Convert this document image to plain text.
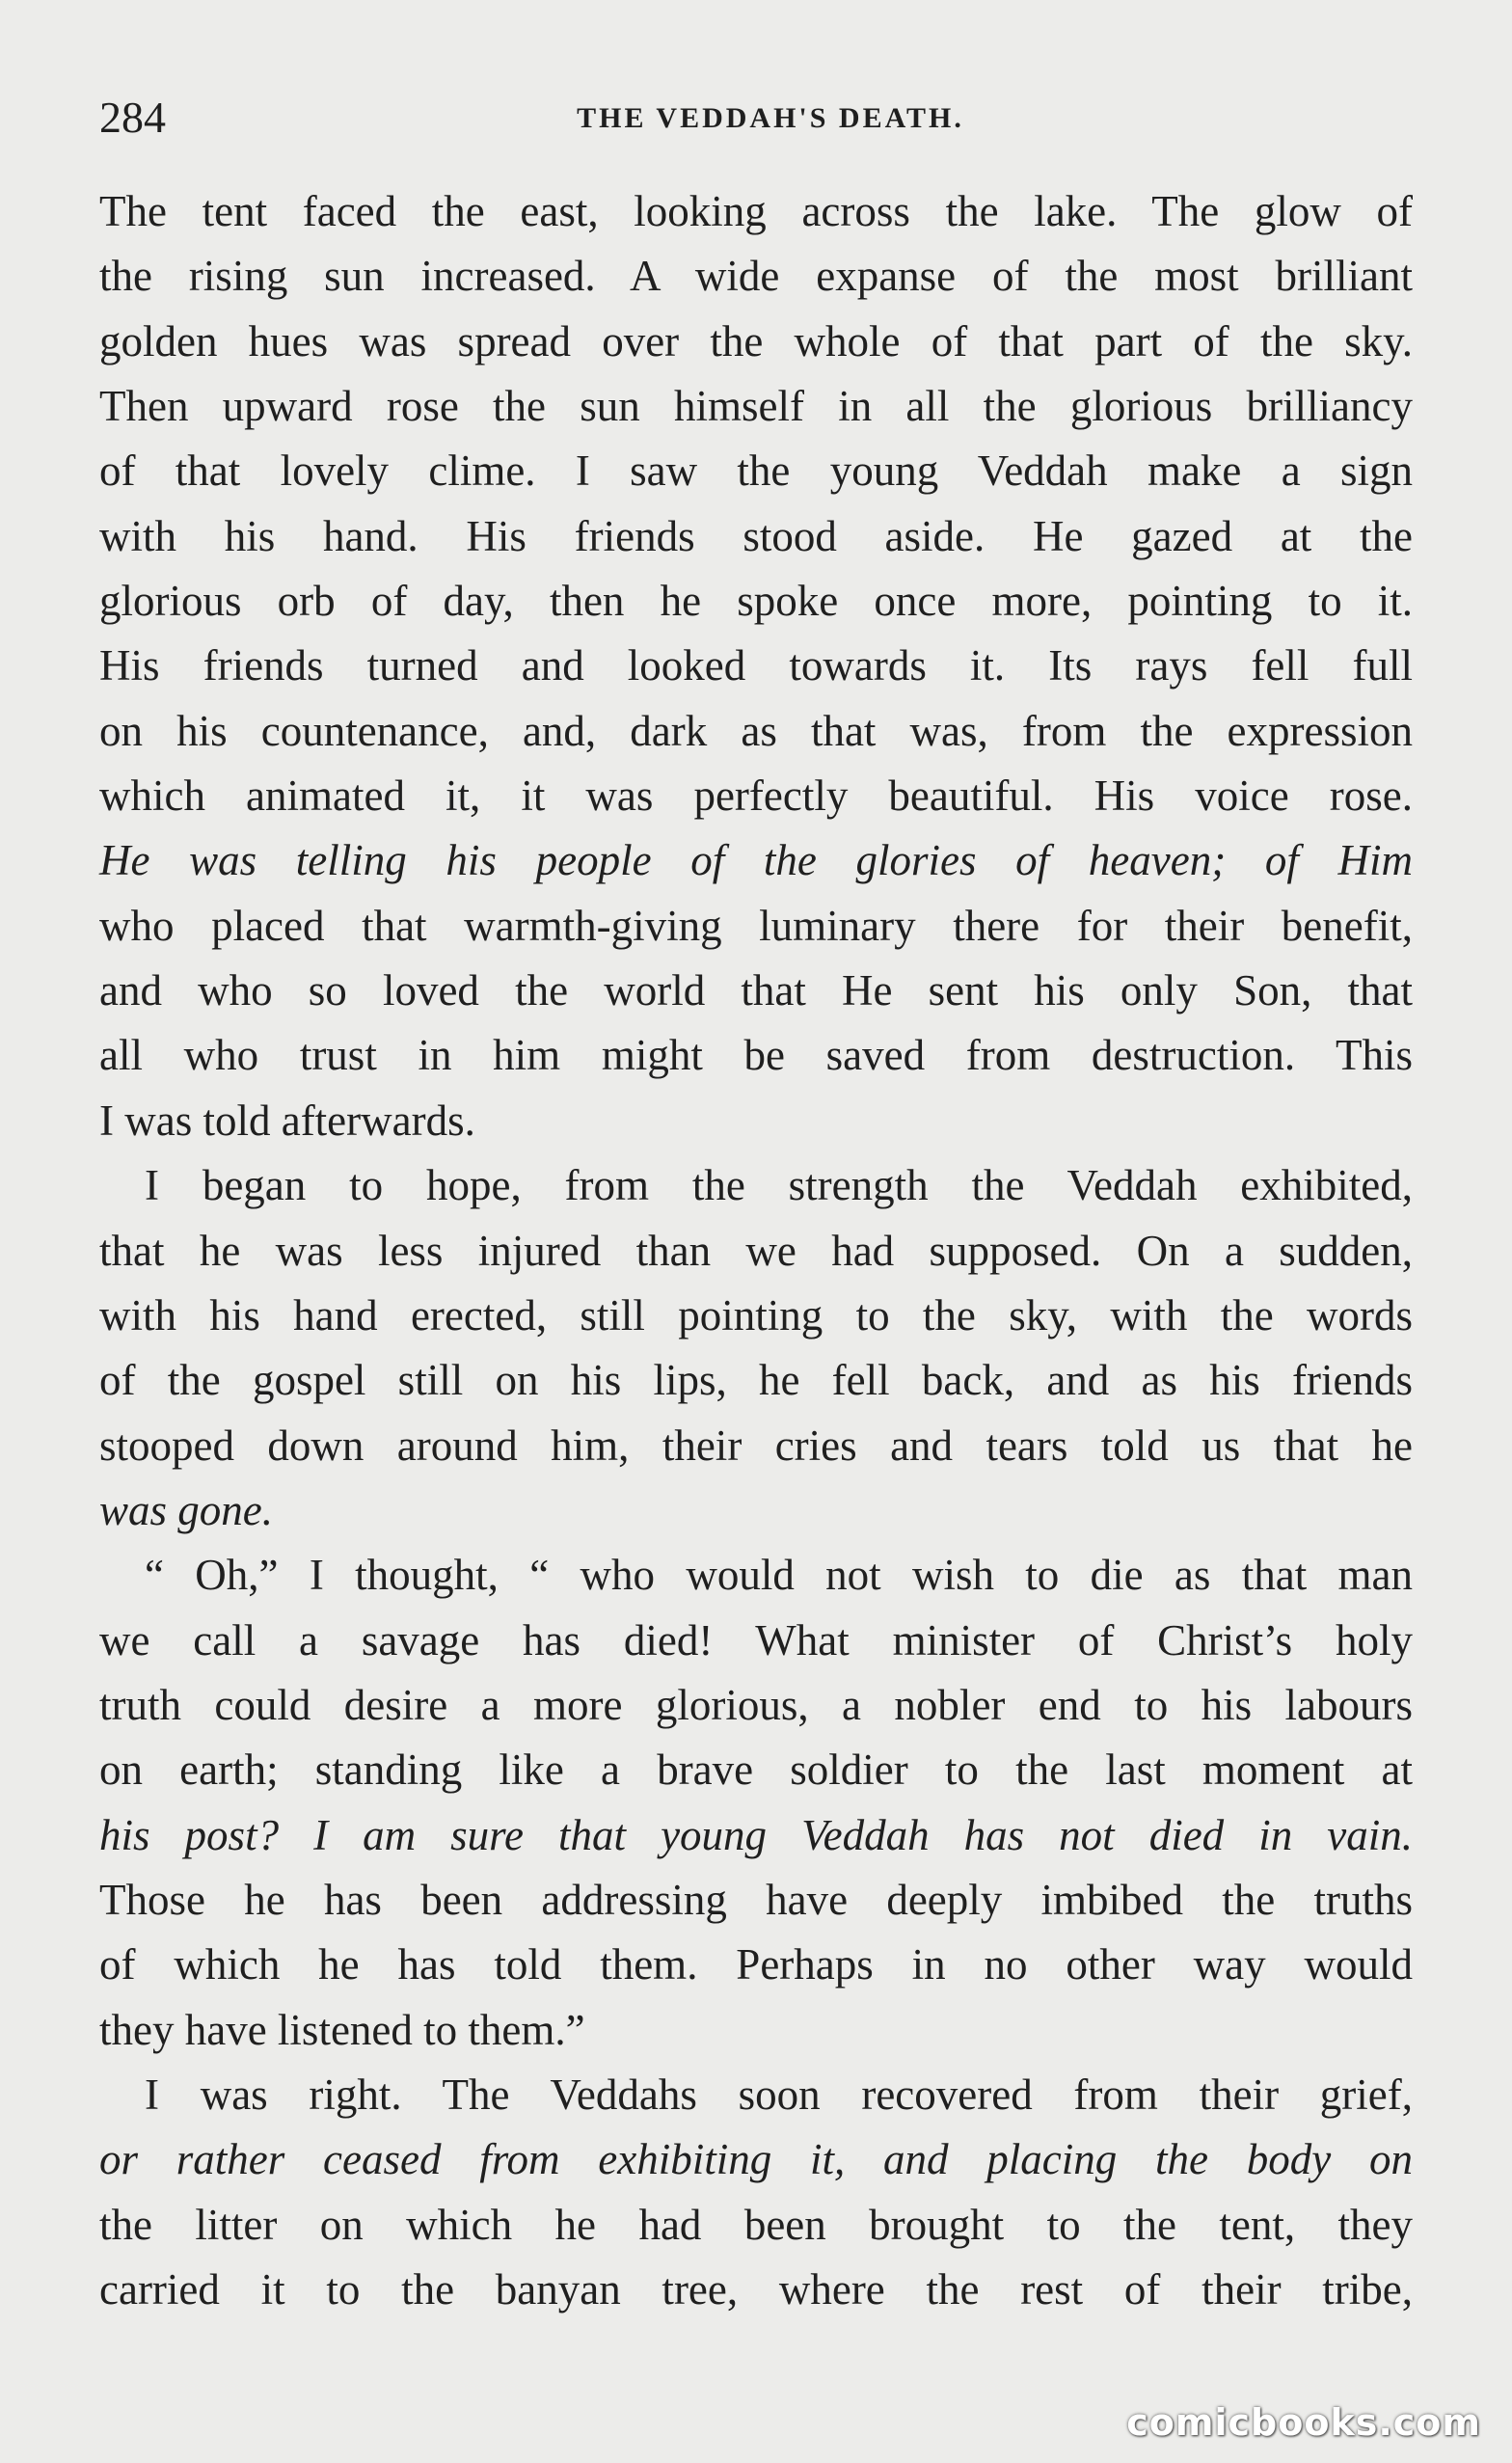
284	THE VEDDAH'S DEATH.
The tent faced the east, looking across the lake. The glow of
the rising sun increased. A wide expanse of the most brilliant
golden hues was spread over the whole of that part of the sky.
Then upward rose the sun himself in all the glorious brilliancy
of that lovely clime. I saw the young Veddah make a sign
with his hand. His friends stood aside. He gazed at the
glorious orb of day, then he spoke once more, pointing to it.
His friends turned and looked towards it. Its rays fell full
on his countenance, and, dark as that was, from the expression
which animated it, it was perfectly beautiful. His voice rose.
He was telling his people of the glories of heaven; of Him
who placed that warmth-giving luminary there for their benefit,
and who so loved the world that He sent his only Son, that
all who trust in him might be saved from destruction. This
I was told afterwards.
I began to hope, from the strength the Veddah exhibited,
that he was less injured than we had supposed. On a sudden,
with his hand erected, still pointing to the sky, with the words
of the gospel still on his lips, he fell back, and as his friends
stooped down around him, their cries and tears told us that he
was gone.
“ Oh,” I thought, “ who would not wish to die as that man
we call a savage has died! What minister of Christ’s holy
truth could desire a more glorious, a nobler end to his labours
on earth; standing like a brave soldier to the last moment at
his post? I am sure that young Veddah has not died in vain.
Those he has been addressing have deeply imbibed the truths
of which he has told them. Perhaps in no other way would
they have listened to them.”
I was right. The Veddahs soon recovered from their grief,
or rather ceased from exhibiting it, and placing the body on
the litter on which he had been brought to the tent, they
carried it to the banyan tree, where the rest of their tribe,
comicbooks.com
